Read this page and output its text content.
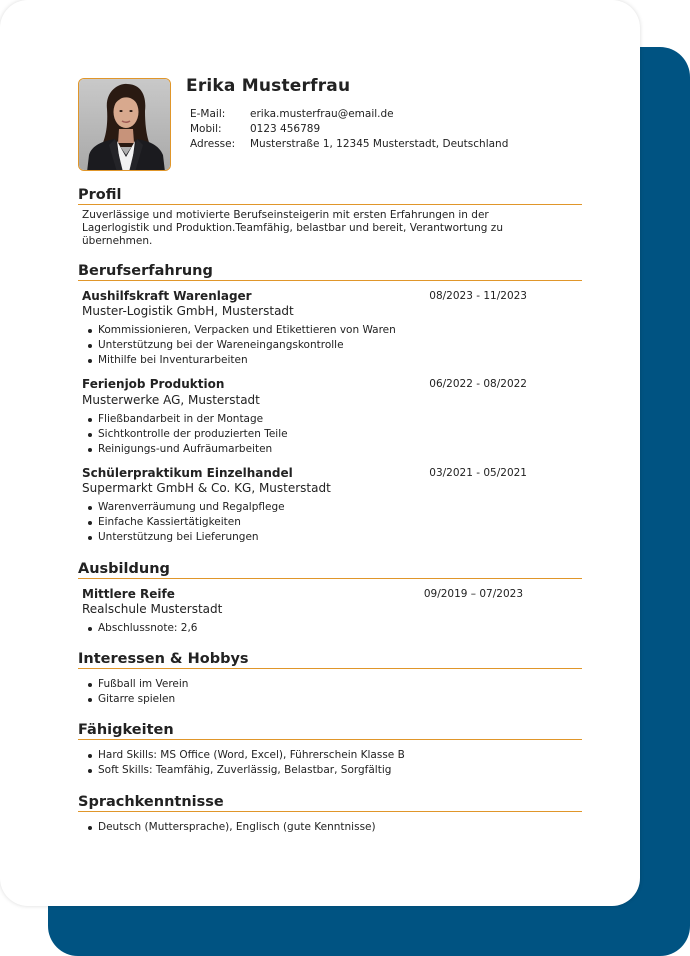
Erika Musterfrau
E-Mail:	erika.musterfrau@email.de
Mobil:	0123 456789
Adresse:	Musterstraße 1, 12345 Musterstadt, Deutschland
Profil
Zuverlässige und motivierte Berufseinsteigerin mit ersten Erfahrungen in der Lagerlogistik und Produktion.Teamfähig, belastbar und bereit, Verantwortung zu übernehmen.
Berufserfahrung
Aushilfskraft Warenlager	08/2023 - 11/2023
Muster-Logistik GmbH, Musterstadt
Kommissionieren, Verpacken und Etikettieren von Waren
Unterstützung bei der Wareneingangskontrolle
Mithilfe bei Inventurarbeiten
Ferienjob Produktion	06/2022 - 08/2022
Musterwerke AG, Musterstadt
Fließbandarbeit in der Montage
Sichtkontrolle der produzierten Teile
Reinigungs-und Aufräumarbeiten
Schülerpraktikum Einzelhandel	03/2021 - 05/2021
Supermarkt GmbH & Co. KG, Musterstadt
Warenverräumung und Regalpflege
Einfache Kassiertätigkeiten
Unterstützung bei Lieferungen
Ausbildung
Mittlere Reife	09/2019 – 07/2023
Realschule Musterstadt
Abschlussnote: 2,6
Interessen & Hobbys
Fußball im Verein
Gitarre spielen
Fähigkeiten
Hard Skills: MS Office (Word, Excel), Führerschein Klasse B
Soft Skills: Teamfähig, Zuverlässig, Belastbar, Sorgfältig
Sprachkenntnisse
Deutsch (Muttersprache), Englisch (gute Kenntnisse)
